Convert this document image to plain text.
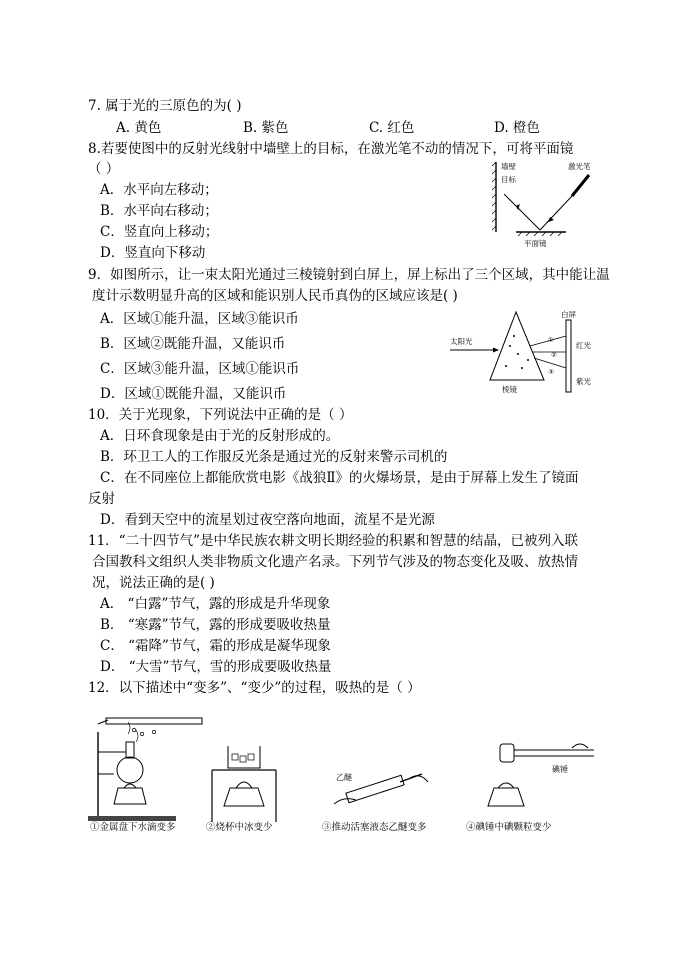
7. 属于光的三原色的为( )
A. 黄色	B. 紫色	C. 红色	D. 橙色
8.若要使图中的反射光线射中墙壁上的目标，在激光笔不动的情况下，可将平面镜
（ ）
A．水平向左移动；
B．水平向右移动；
C．竖直向上移动；
D．竖直向下移动
墙壁
目标
激光笔
平面镜
9．如图所示，让一束太阳光通过三棱镜射到白屏上，屏上标出了三个区域，其中能让温
度计示数明显升高的区域和能识别人民币真伪的区域应该是( )
A．区域①能升温，区域③能识币
B．区域②既能升温，又能识币
C．区域③能升温，区域①能识币
D．区域①既能升温，又能识币
太阳光
棱镜
①
②
③
白屏
红光
紫光
10．关于光现象，下列说法中正确的是（ ）
A．日环食现象是由于光的反射形成的。
B．环卫工人的工作服反光条是通过光的反射来警示司机的
C．在不同座位上都能欣赏电影《战狼Ⅱ》的火爆场景，是由于屏幕上发生了镜面
反射
D．看到天空中的流星划过夜空落向地面，流星不是光源
11．“二十四节气”是中华民族农耕文明长期经验的积累和智慧的结晶，已被列入联
合国教科文组织人类非物质文化遗产名录。下列节气涉及的物态变化及吸、放热情
况，说法正确的是( )
A． “白露”节气，露的形成是升华现象
B． “寒露”节气，露的形成要吸收热量
C． “霜降”节气，霜的形成是凝华现象
D． “大雪”节气，雪的形成要吸收热量
12．以下描述中“变多”、“变少”的过程，吸热的是（ ）
乙醚
碘锤
①金属盘下水滴变多	②烧杯中冰变少	③推动活塞液态乙醚变多	④碘锤中碘颗粒变少
